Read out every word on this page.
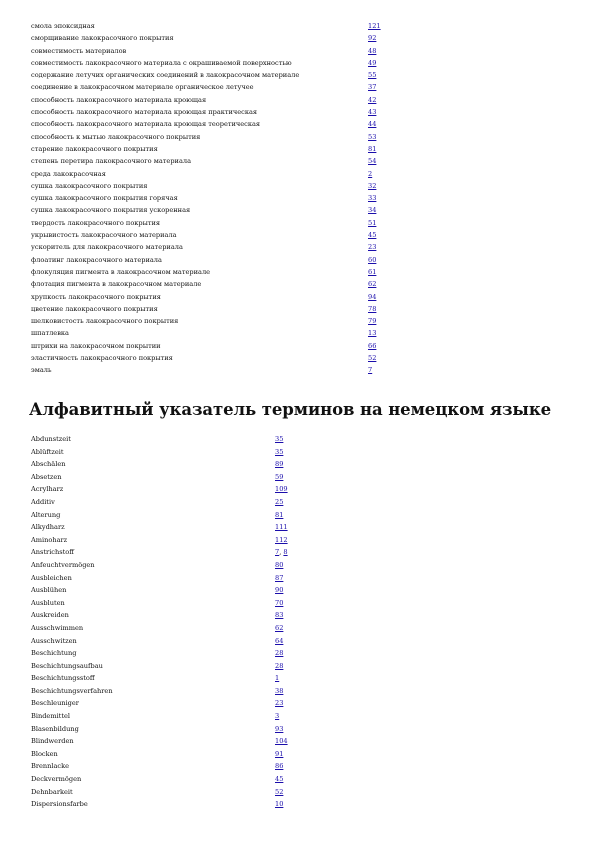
смола эпоксидная	121
сморщивание лакокрасочного покрытия	92
совместимость материалов	48
совместимость лакокрасочного материала с окрашиваемой поверхностью	49
содержание летучих органических соединений в лакокрасочном материале	55
соединение в лакокрасочном материале органическое летучее	37
способность лакокрасочного материала кроющая	42
способность лакокрасочного материала кроющая практическая	43
способность лакокрасочного материала кроющая теоретическая	44
способность к мытью лакокрасочного покрытия	53
старение лакокрасочного покрытия	81
степень перетира лакокрасочного материала	54
среда лакокрасочная	2
сушка лакокрасочного покрытия	32
сушка лакокрасочного покрытия горячая	33
сушка лакокрасочного покрытия ускоренная	34
твердость лакокрасочного покрытия	51
укрывистость лакокрасочного материала	45
ускоритель для лакокрасочного материала	23
флоатинг лакокрасочного материала	60
флокуляция пигмента в лакокрасочном материале	61
флотация пигмента в лакокрасочном материале	62
хрупкость лакокрасочного покрытия	94
цветение лакокрасочного покрытия	78
шелковистость лакокрасочного покрытия	79
шпатлевка	13
штрихи на лакокрасочном покрытии	66
эластичность лакокрасочного покрытия	52
эмаль	7
Алфавитный указатель терминов на немецком языке
Abdunstzeit	35
Ablüftzeit	35
Abschälen	89
Absetzen	59
Acrylharz	109
Additiv	25
Alterung	81
Alkydharz	111
Aminoharz	112
Anstrichstoff	7, 8
Anfeuchtvermögen	80
Ausbleichen	87
Ausblühen	90
Ausbluten	70
Auskreiden	83
Ausschwimmen	62
Ausschwitzen	64
Beschichtung	28
Beschichtungsaufbau	28
Beschichtungsstoff	1
Beschichtungsverfahren	38
Beschleuniger	23
Bindemittel	3
Blasenbildung	93
Blindwerden	104
Blocken	91
Brennlacke	86
Deckvermögen	45
Dehnbarkeit	52
Dispersionsfarbe	10
